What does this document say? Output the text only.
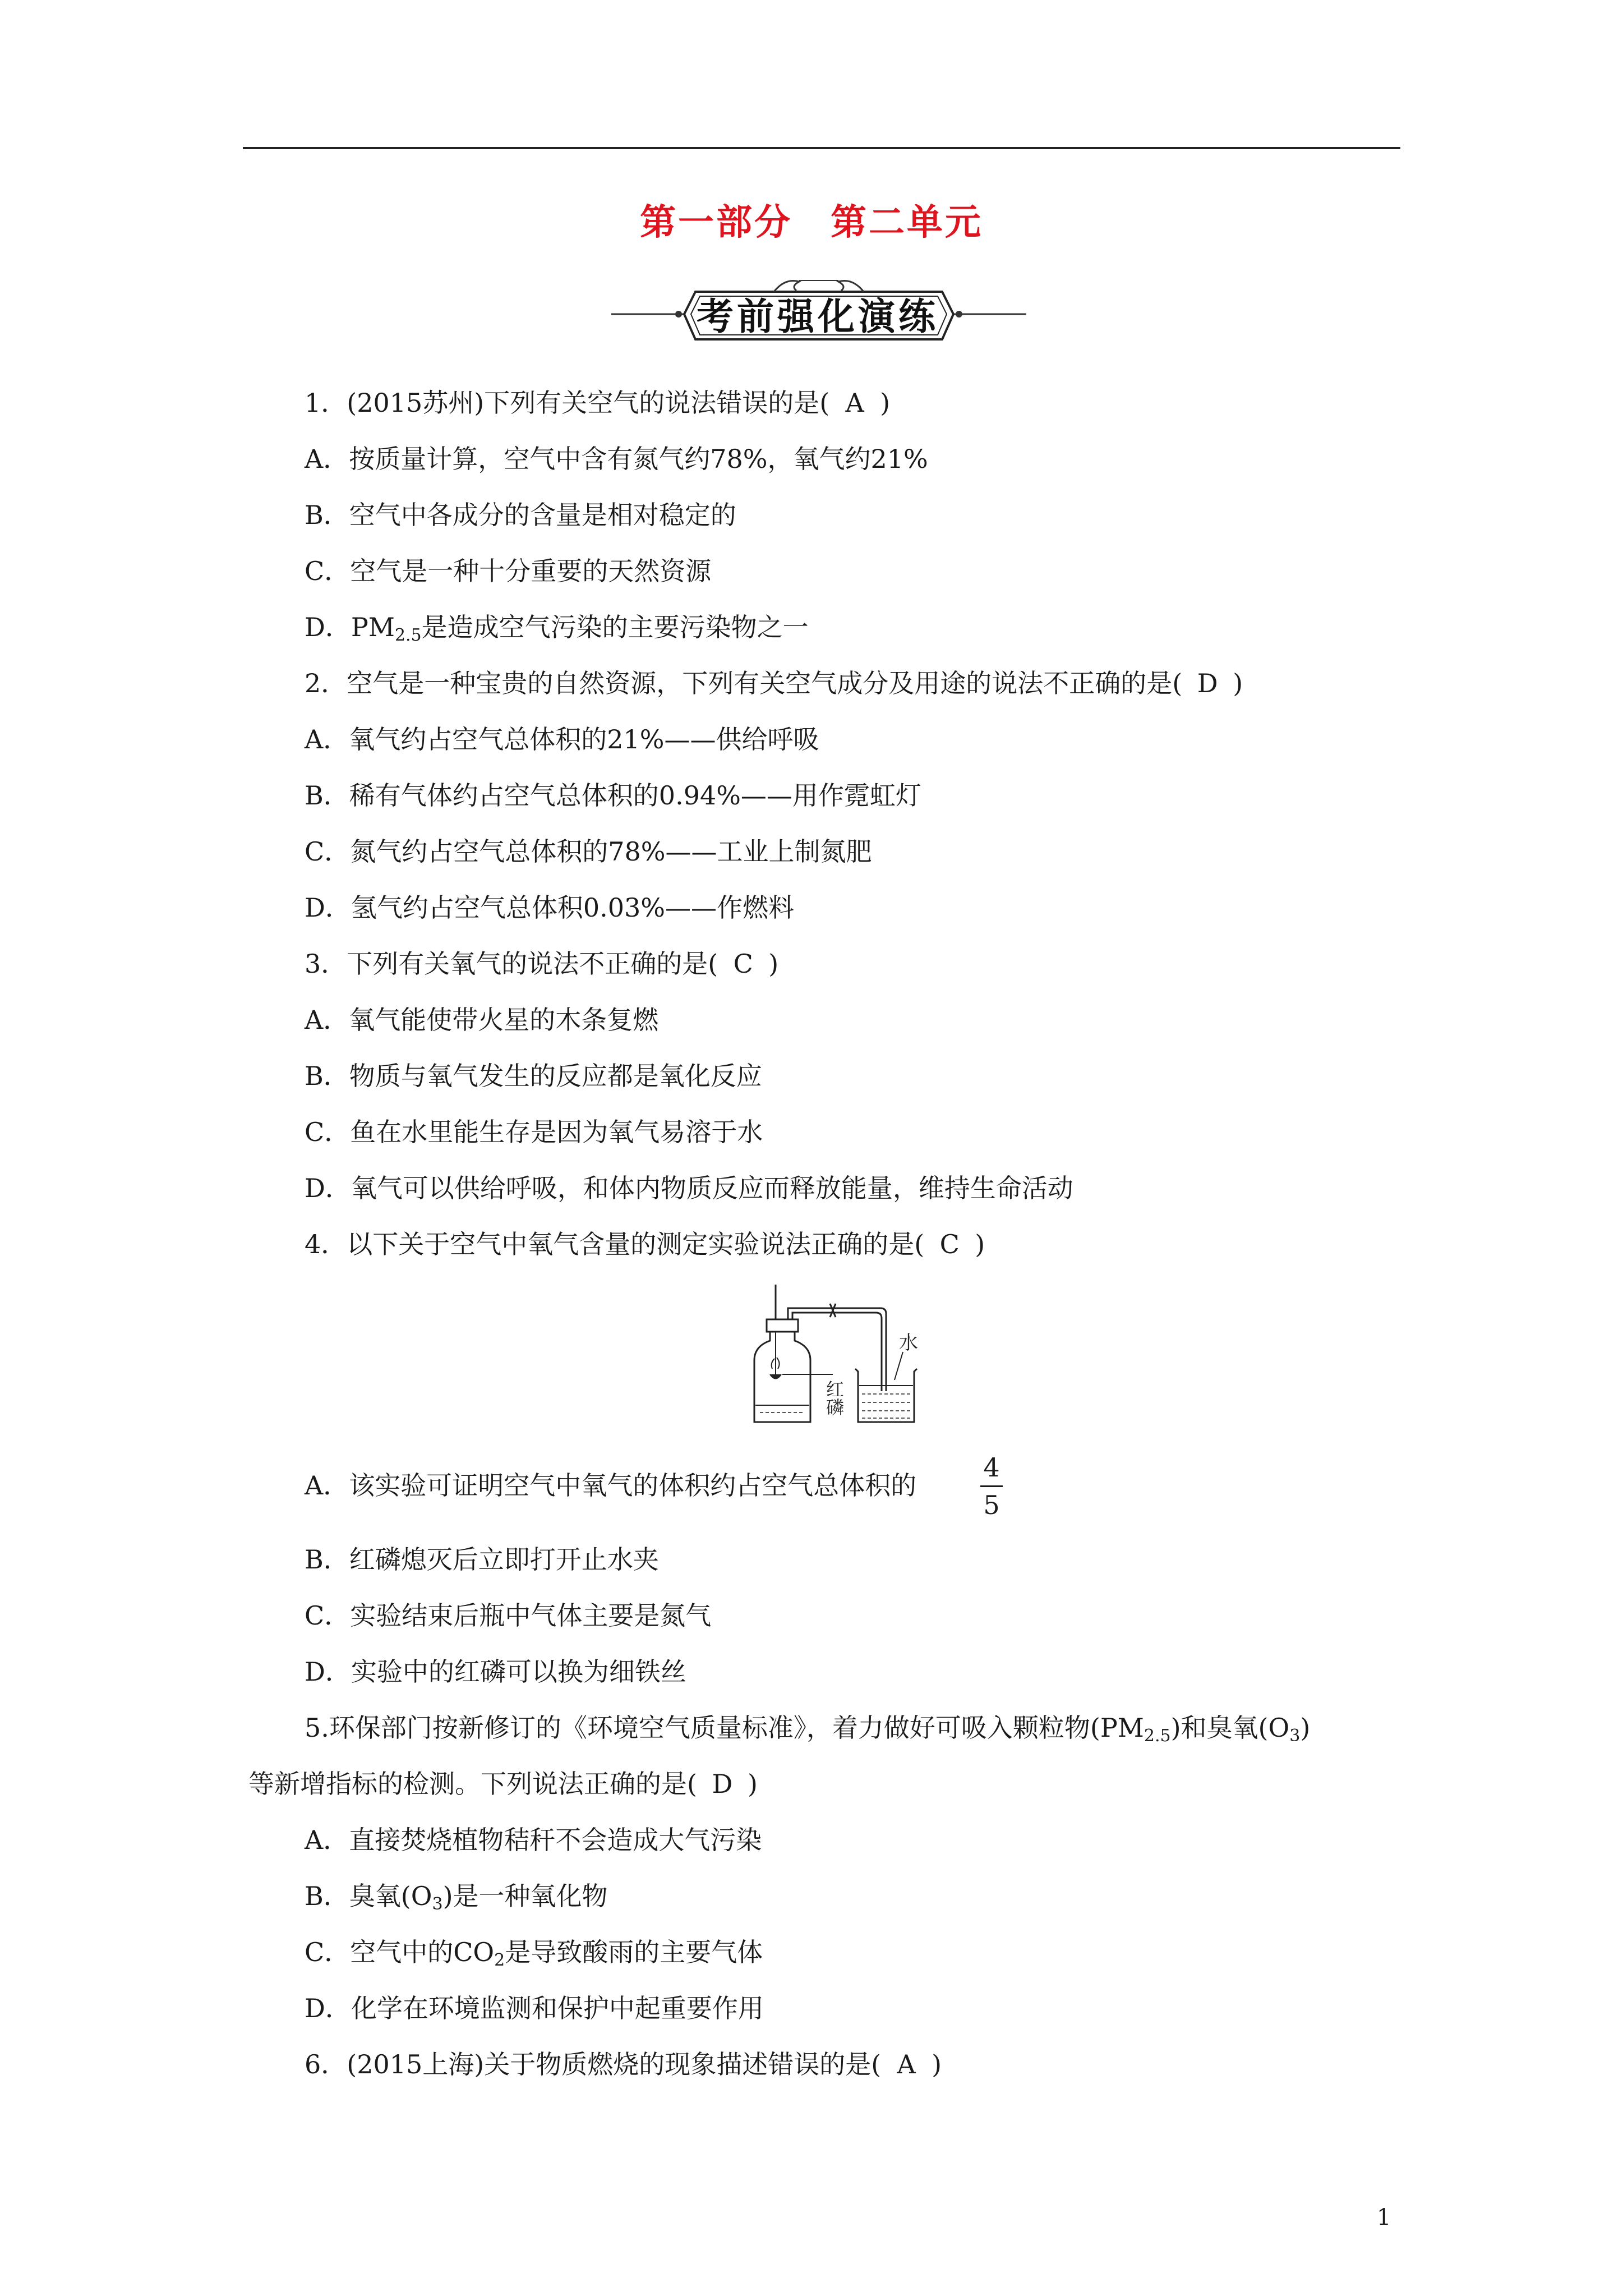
第一部分　第二单元
考前强化演练
1．(2015苏州)下列有关空气的说法错误的是( A )
A．按质量计算，空气中含有氮气约78%，氧气约21%
B．空气中各成分的含量是相对稳定的
C．空气是一种十分重要的天然资源
D．$PM_{2.5}$是造成空气污染的主要污染物之一
2．空气是一种宝贵的自然资源，下列有关空气成分及用途的说法不正确的是( D )
A．氧气约占空气总体积的21%——供给呼吸
B．稀有气体约占空气总体积的0.94%——用作霓虹灯
C．氮气约占空气总体积的78%——工业上制氮肥
D．氢气约占空气总体积0.03%——作燃料
3．下列有关氧气的说法不正确的是( C )
A．氧气能使带火星的木条复燃
B．物质与氧气发生的反应都是氧化反应
C．鱼在水里能生存是因为氧气易溶于水
D．氧气可以供给呼吸，和体内物质反应而释放能量，维持生命活动
4．以下关于空气中氧气含量的测定实验说法正确的是( C )
水
红磷
A．该实验可证明空气中氧气的体积约占空气总体积的
4
5
B．红磷熄灭后立即打开止水夹
C．实验结束后瓶中气体主要是氮气
D．实验中的红磷可以换为细铁丝
5.环保部门按新修订的《环境空气质量标准》，着力做好可吸入颗粒物$(PM_{2.5})$和臭氧$(O_3)$
等新增指标的检测。下列说法正确的是( D )
A．直接焚烧植物秸秆不会造成大气污染
B．臭氧$(O_3)$是一种氧化物
C．空气中的$CO_2$是导致酸雨的主要气体
D．化学在环境监测和保护中起重要作用
6．(2015上海)关于物质燃烧的现象描述错误的是( A )
1
